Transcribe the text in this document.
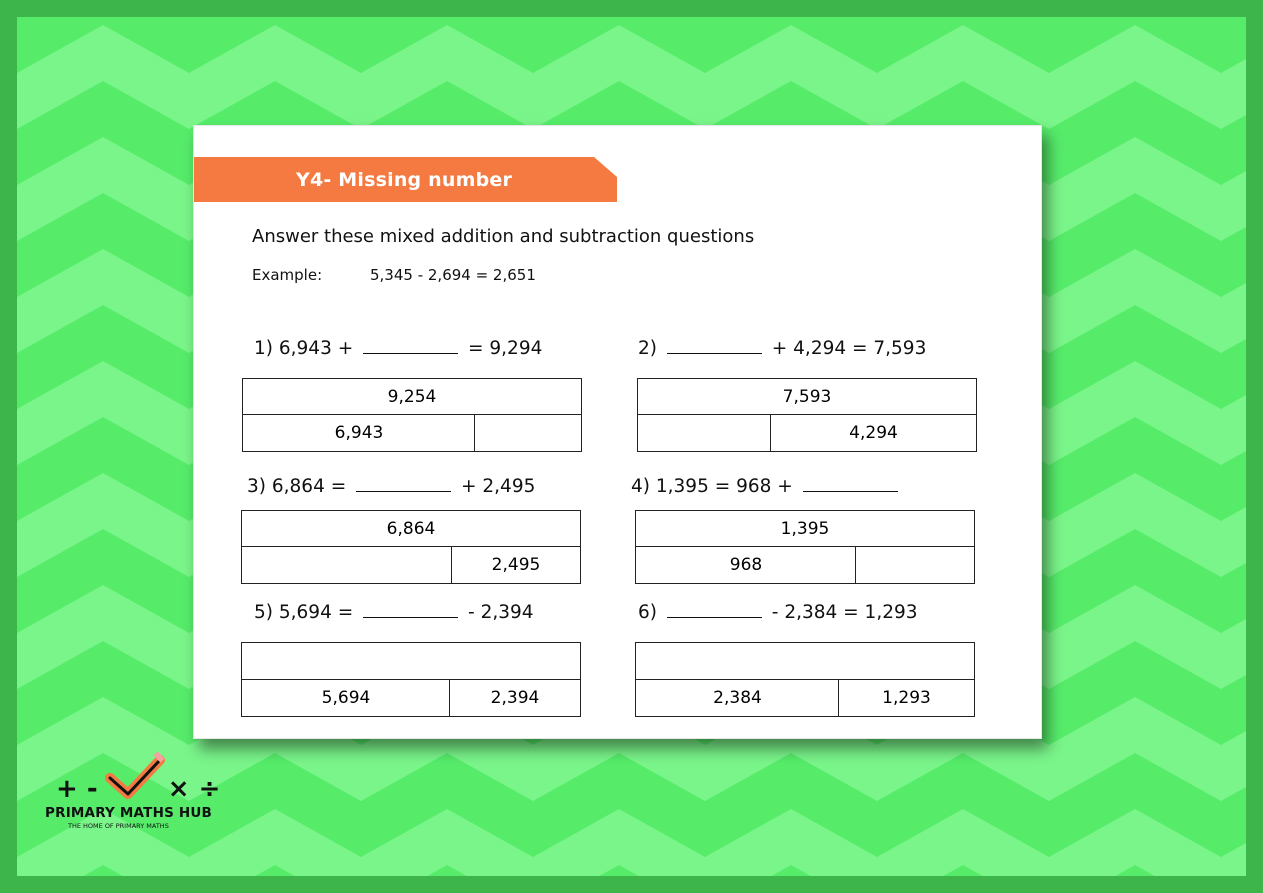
Y4- Missing number
Answer these mixed addition and subtraction questions
Example:	5,345 - 2,694 = 2,651
1) 6,943 +	= 9,294
9,254
6,943
2)	+ 4,294 = 7,593
7,593
4,294
3) 6,864 =	+ 2,495
6,864
2,495
4) 1,395 = 968 +
1,395
968
5) 5,694 =	- 2,394
5,694	2,394
6)	- 2,384 = 1,293
2,384	1,293
+ -	× ÷
PRIMARY MATHS HUB
THE HOME OF PRIMARY MATHS
